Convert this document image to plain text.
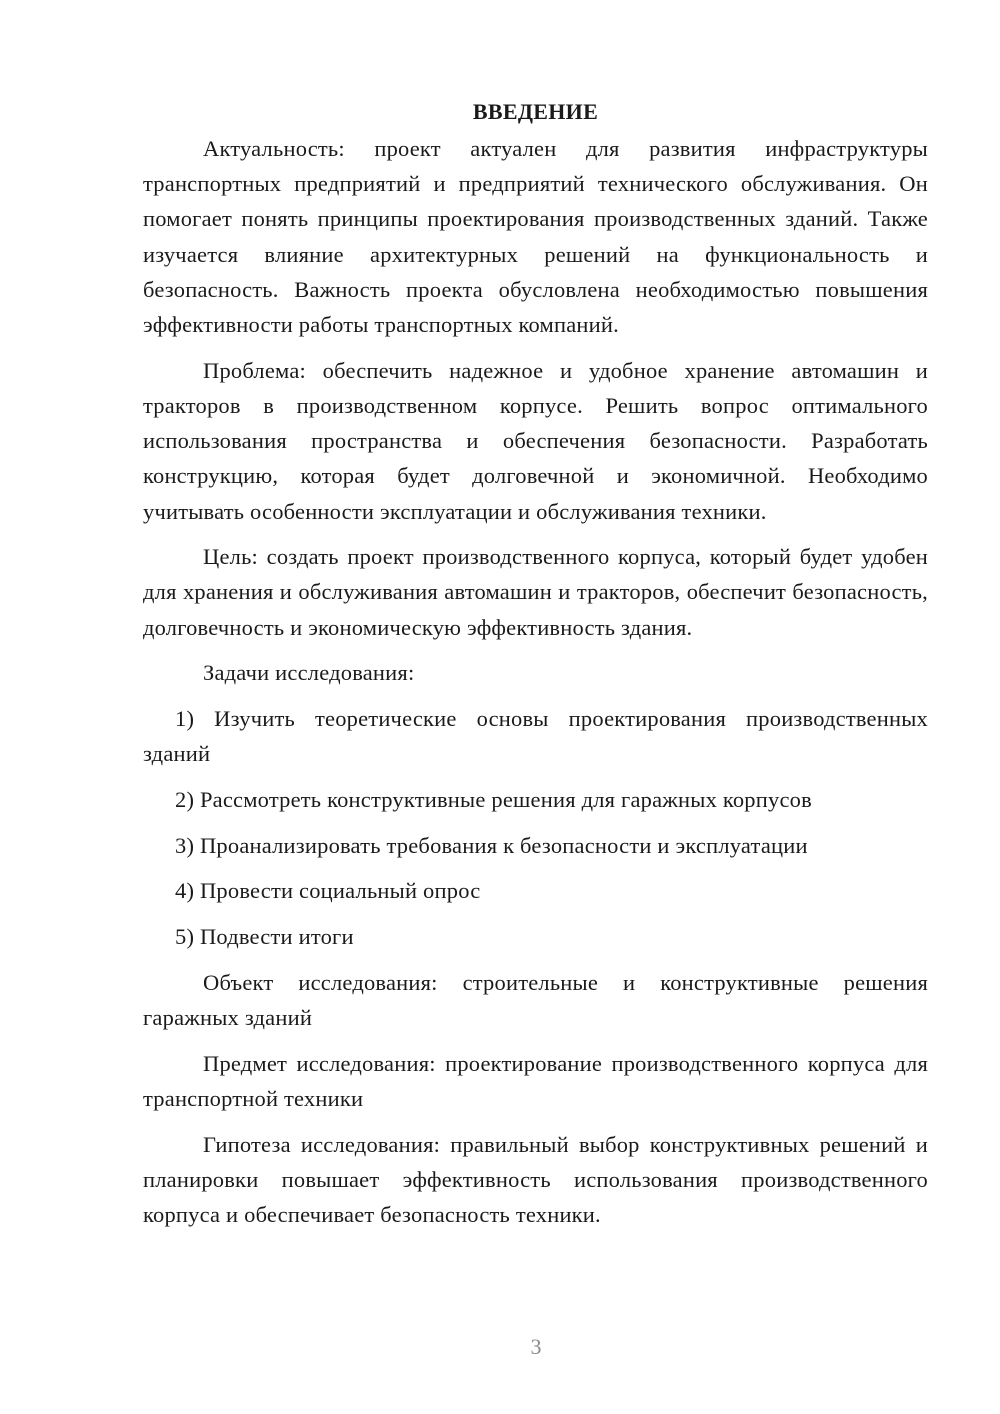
ВВЕДЕНИЕ

Актуальность: проект актуален для развития инфраструктуры транспортных предприятий и предприятий технического обслуживания. Он помогает понять принципы проектирования производственных зданий. Также изучается влияние архитектурных решений на функциональность и безопасность. Важность проекта обусловлена необходимостью повышения эффективности работы транспортных компаний.

Проблема: обеспечить надежное и удобное хранение автомашин и тракторов в производственном корпусе. Решить вопрос оптимального использования пространства и обеспечения безопасности. Разработать конструкцию, которая будет долговечной и экономичной. Необходимо учитывать особенности эксплуатации и обслуживания техники.

Цель: создать проект производственного корпуса, который будет удобен для хранения и обслуживания автомашин и тракторов, обеспечит безопасность, долговечность и экономическую эффективность здания.

Задачи исследования:

1) Изучить теоретические основы проектирования производственных зданий

2) Рассмотреть конструктивные решения для гаражных корпусов

3) Проанализировать требования к безопасности и эксплуатации

4) Провести социальный опрос

5) Подвести итоги

Объект исследования: строительные и конструктивные решения гаражных зданий

Предмет исследования: проектирование производственного корпуса для транспортной техники

Гипотеза исследования: правильный выбор конструктивных решений и планировки повышает эффективность использования производственного корпуса и обеспечивает безопасность техники.

3
